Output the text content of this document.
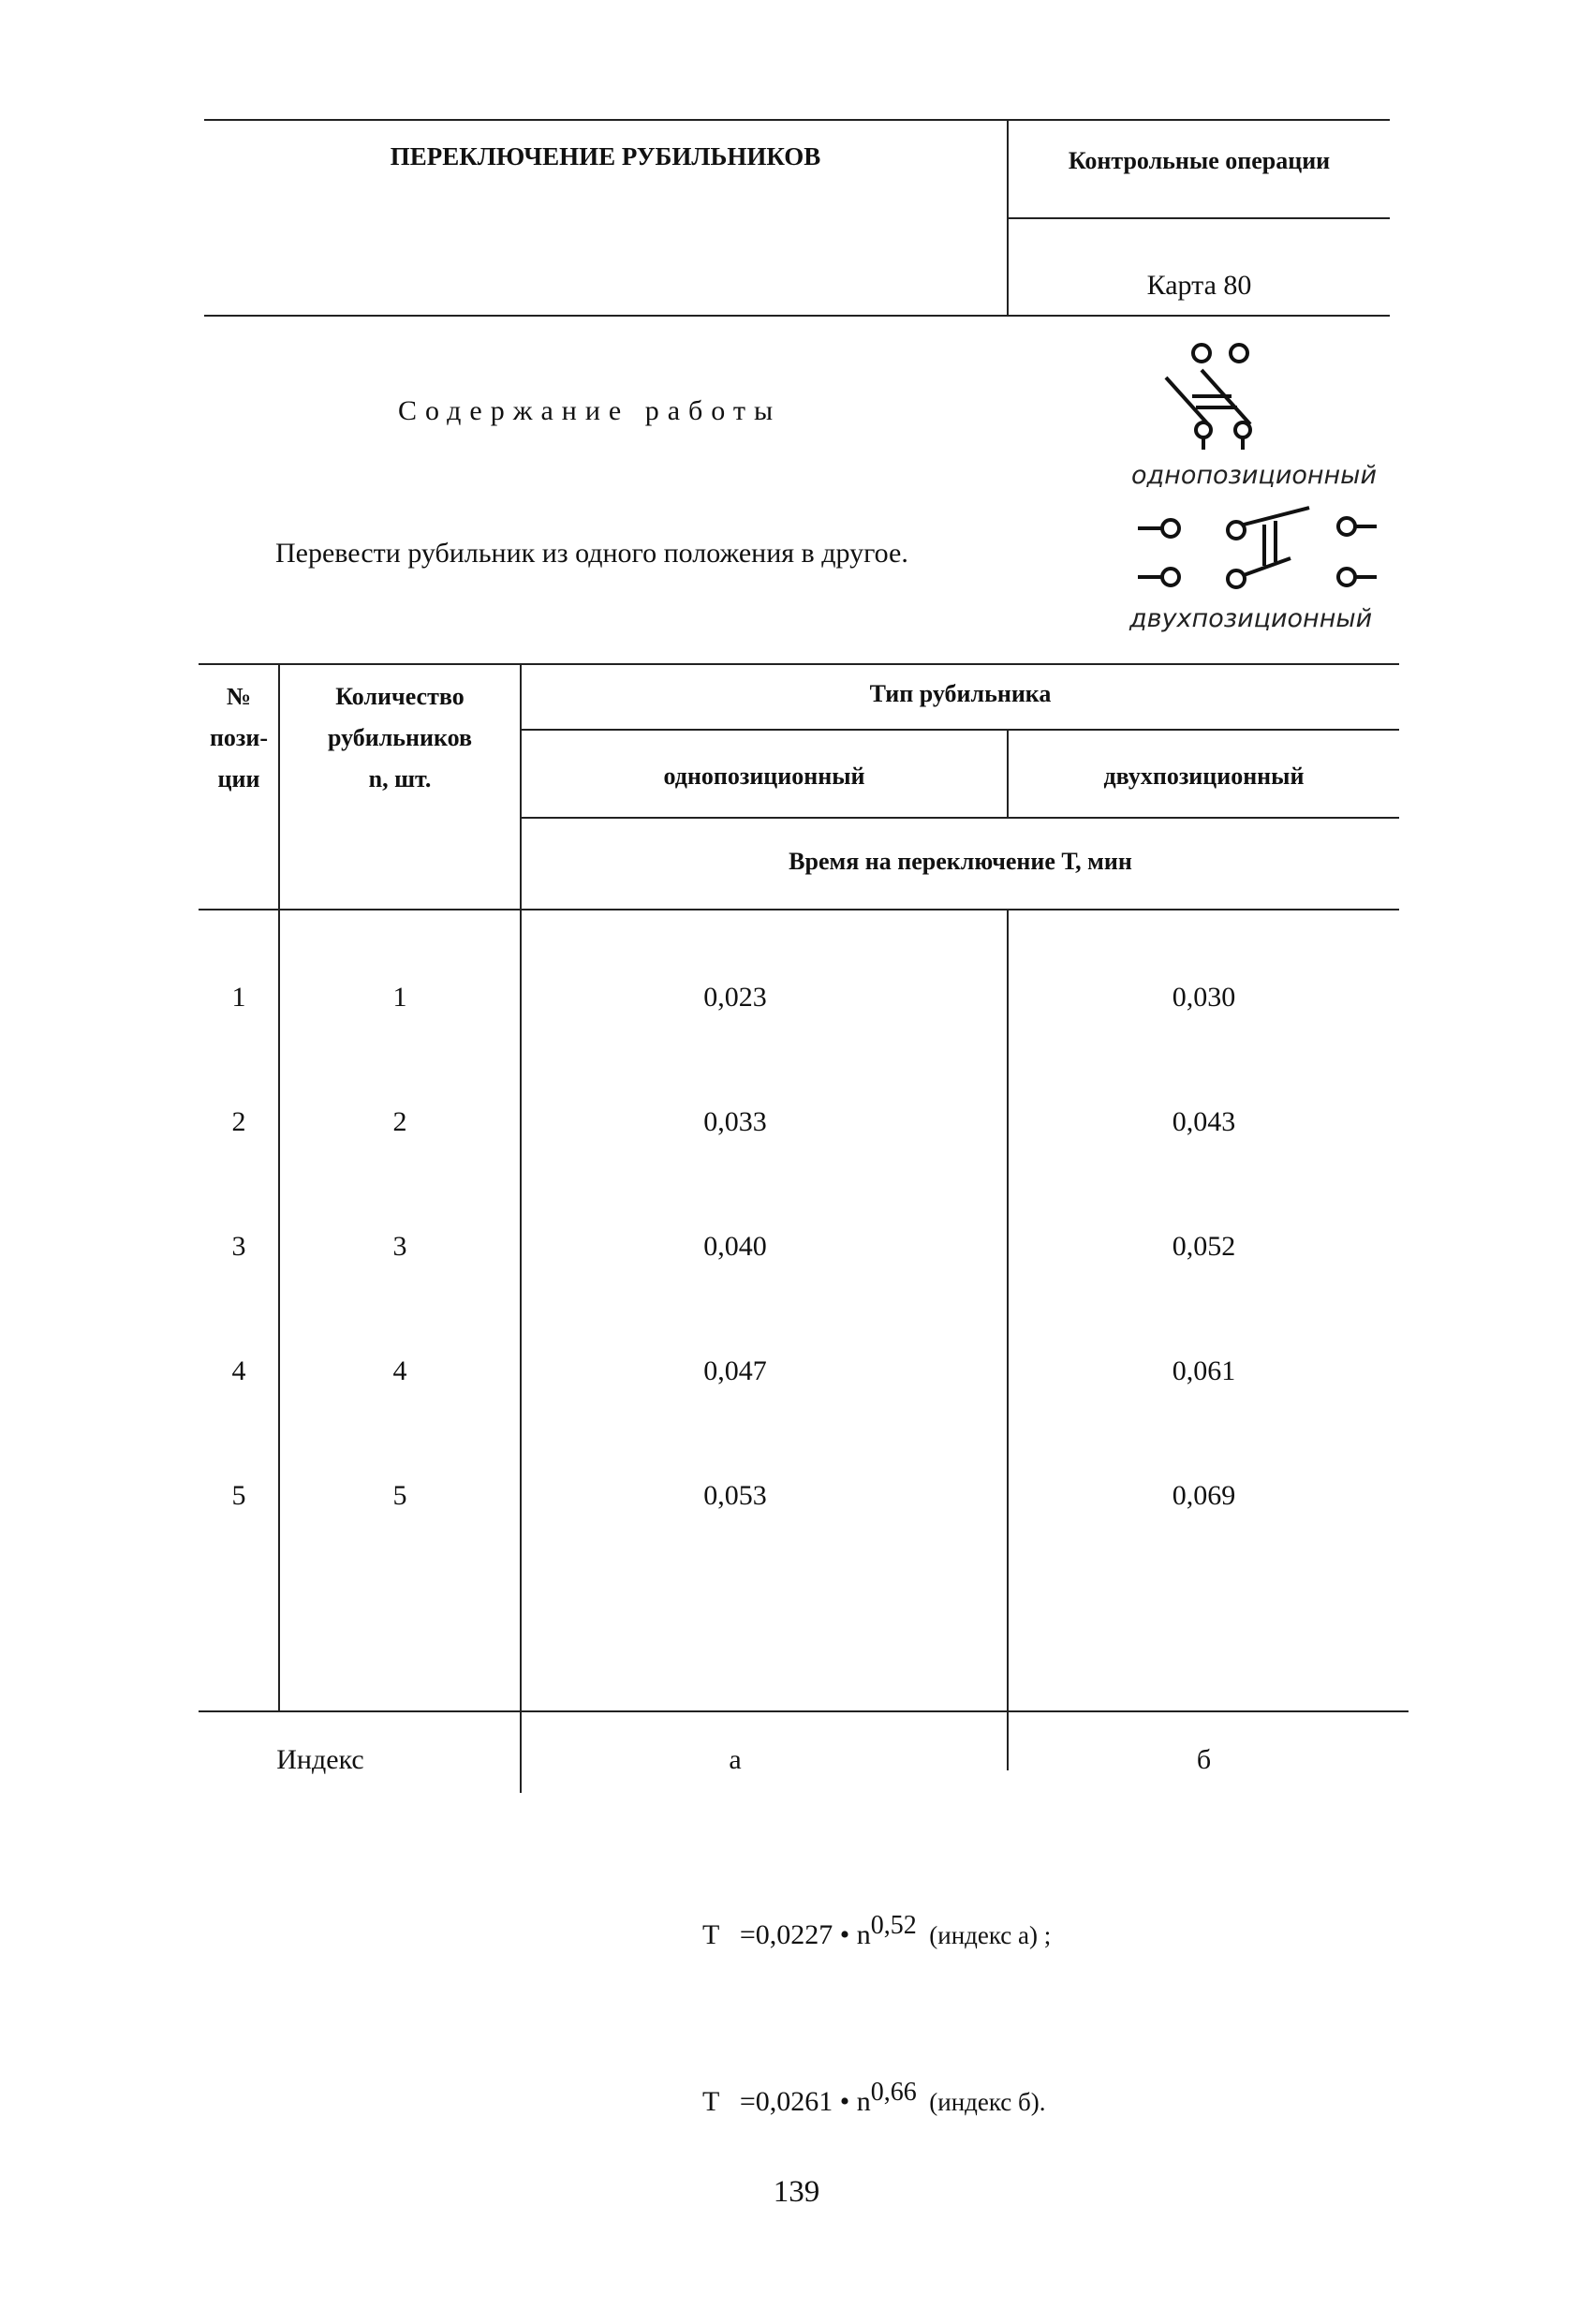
ПЕРЕКЛЮЧЕНИЕ РУБИЛЬНИКОВ	Контрольные операции
Карта 80
Содержание работы
Перевести рубильник из одного положения в другое.
однопозиционный
двухпозиционный
№
пози-
ции
Количество
рубильников
n, шт.
Тип рубильника
однопозиционный	двухпозиционный
Время на переключение Т, мин
1	1	0,023	0,030
2	2	0,033	0,043
3	3	0,040	0,052
4	4	0,047	0,061
5	5	0,053	0,069
Индекс	а	б
Т =0,0227 • $n^{0,52}$ (индекс а) ;
Т =0,0261 • $n^{0,66}$ (индекс б).
139
